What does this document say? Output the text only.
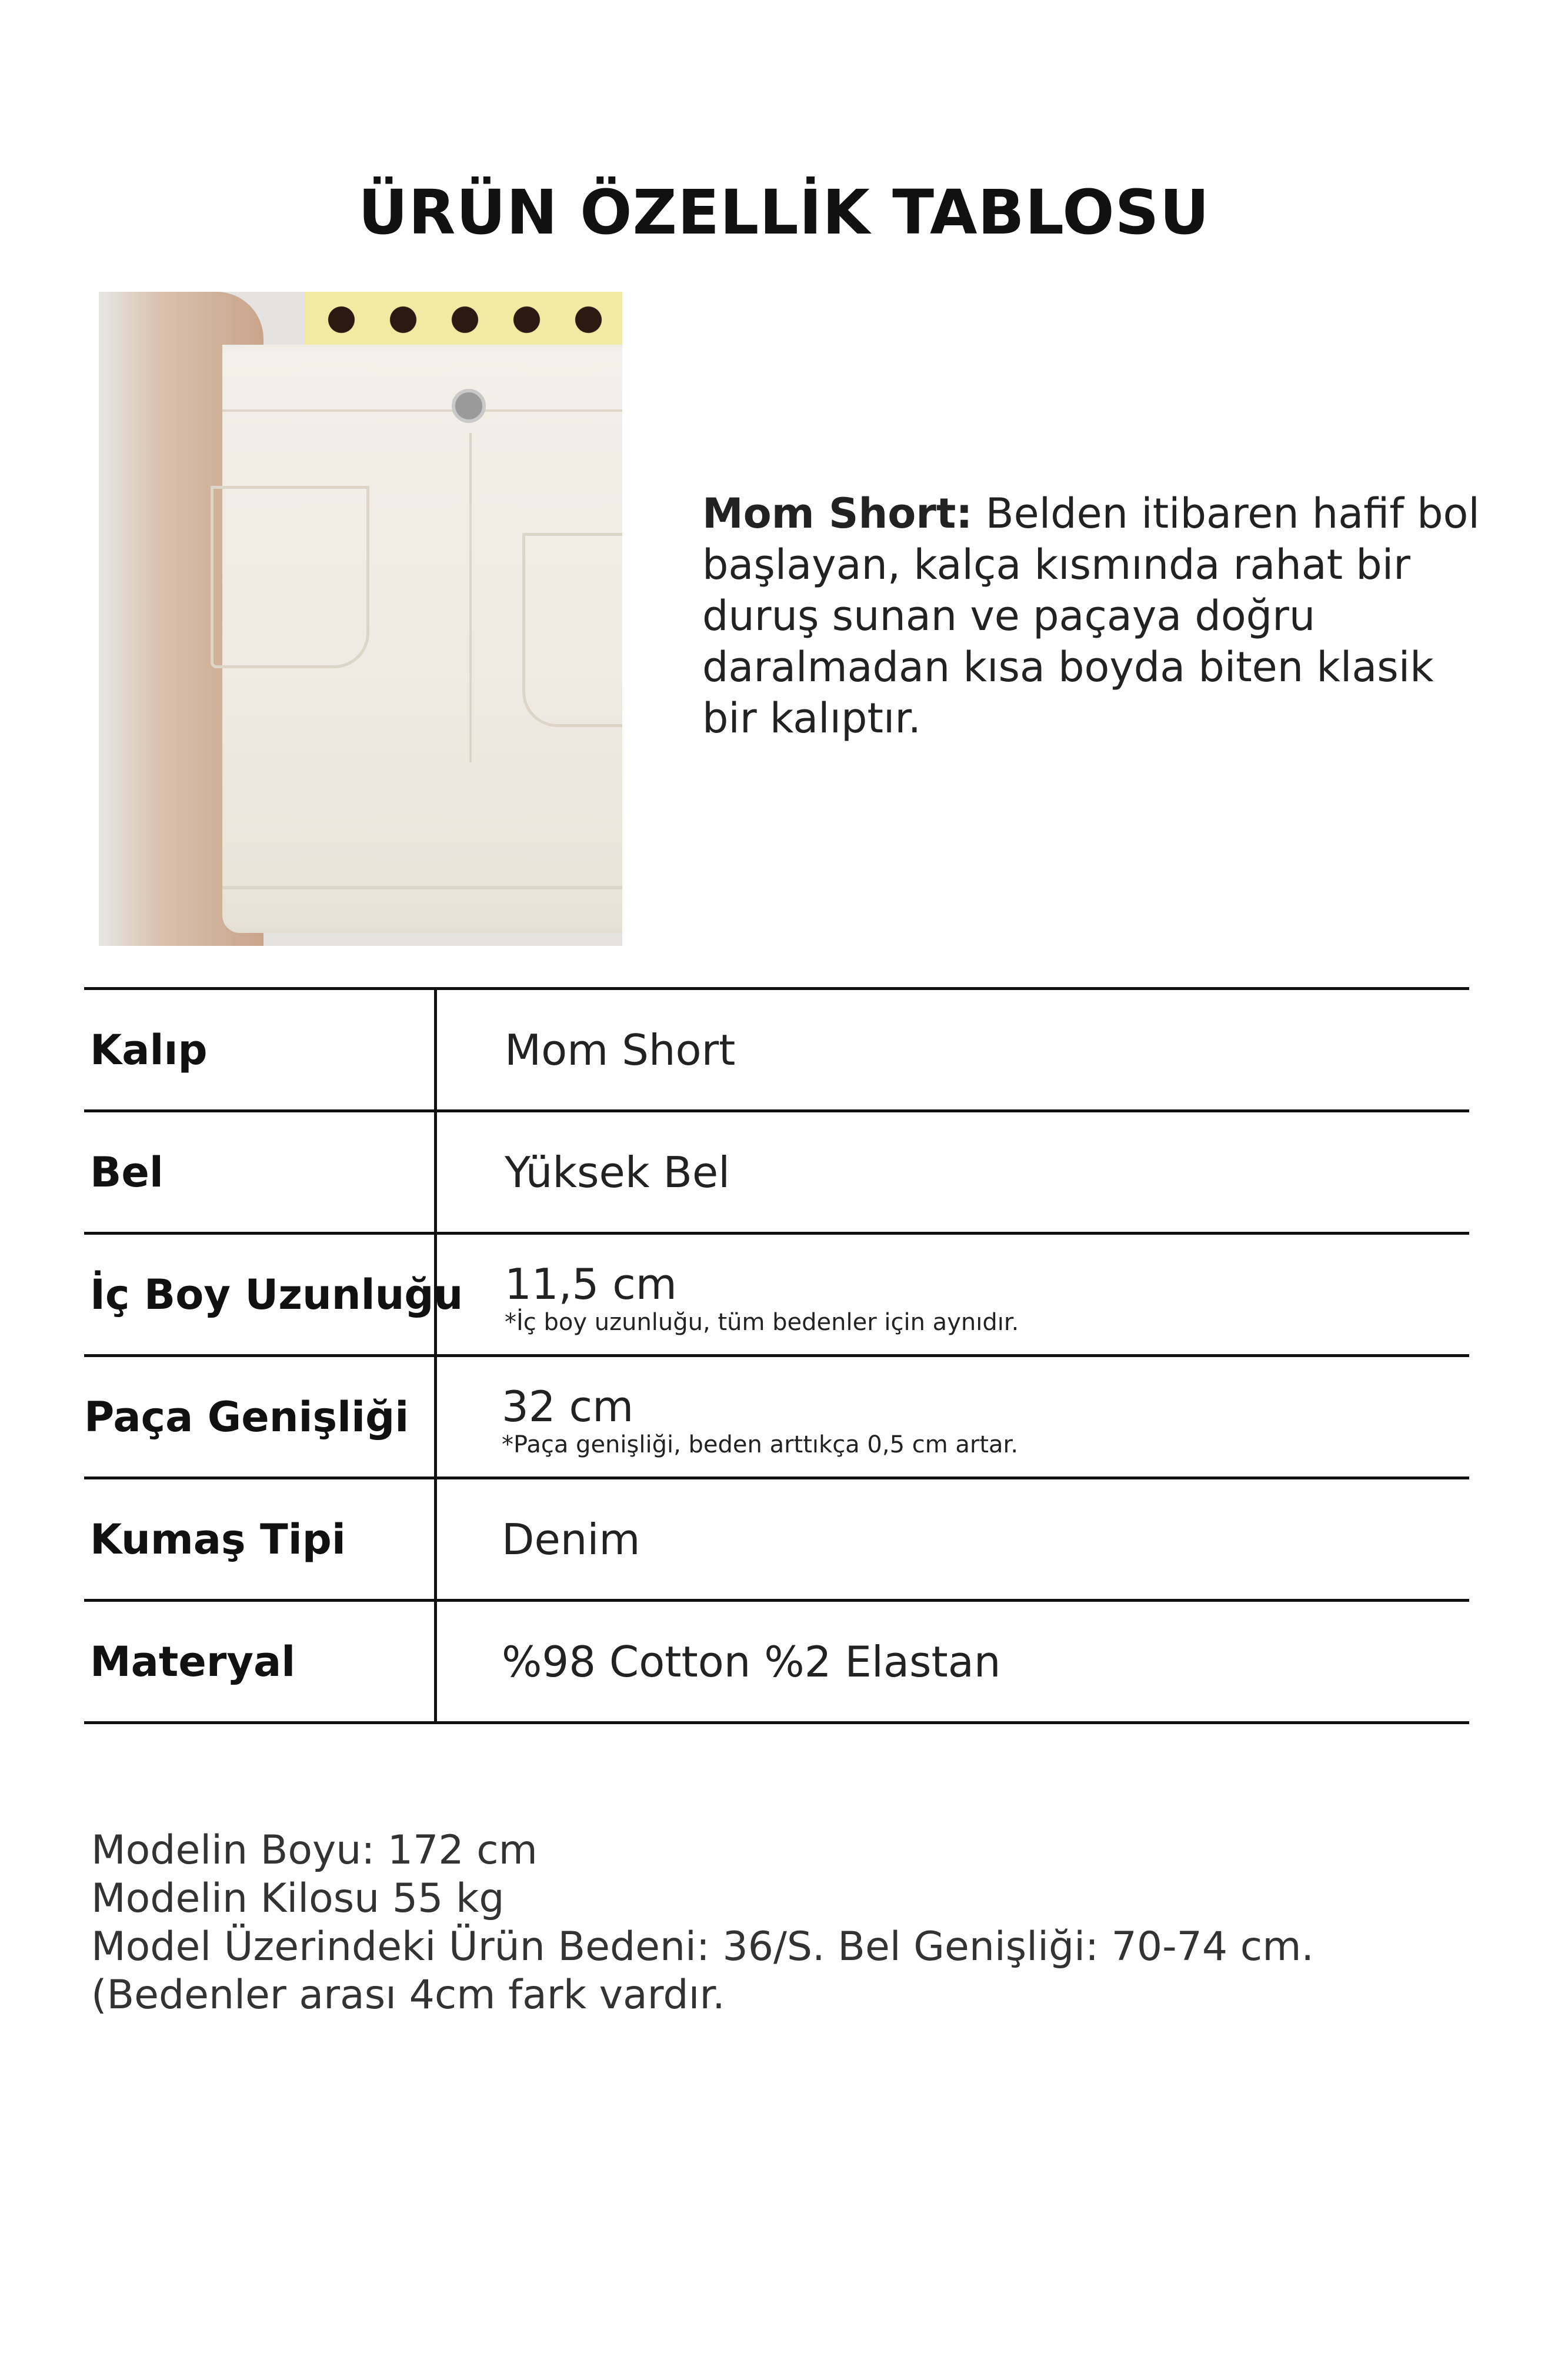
ÜRÜN ÖZELLİK TABLOSU
Mom Short: Belden itibaren hafif bol başlayan, kalça kısmında rahat bir duruş sunan ve paçaya doğru daralmadan kısa boyda biten klasik bir kalıptır.
Kalıp	Mom Short
Bel	Yüksek Bel
İç Boy Uzunluğu 11,5 cm
*İç boy uzunluğu, tüm bedenler için aynıdır.
Paça Genişliği 32 cm
*Paça genişliği, beden arttıkça 0,5 cm artar.
Kumaş Tipi	Denim
Materyal	%98 Cotton %2 Elastan
Modelin Boyu: 172 cm
Modelin Kilosu 55 kg
Model Üzerindeki Ürün Bedeni: 36/S. Bel Genişliği: 70-74 cm. (Bedenler arası 4cm fark vardır.
